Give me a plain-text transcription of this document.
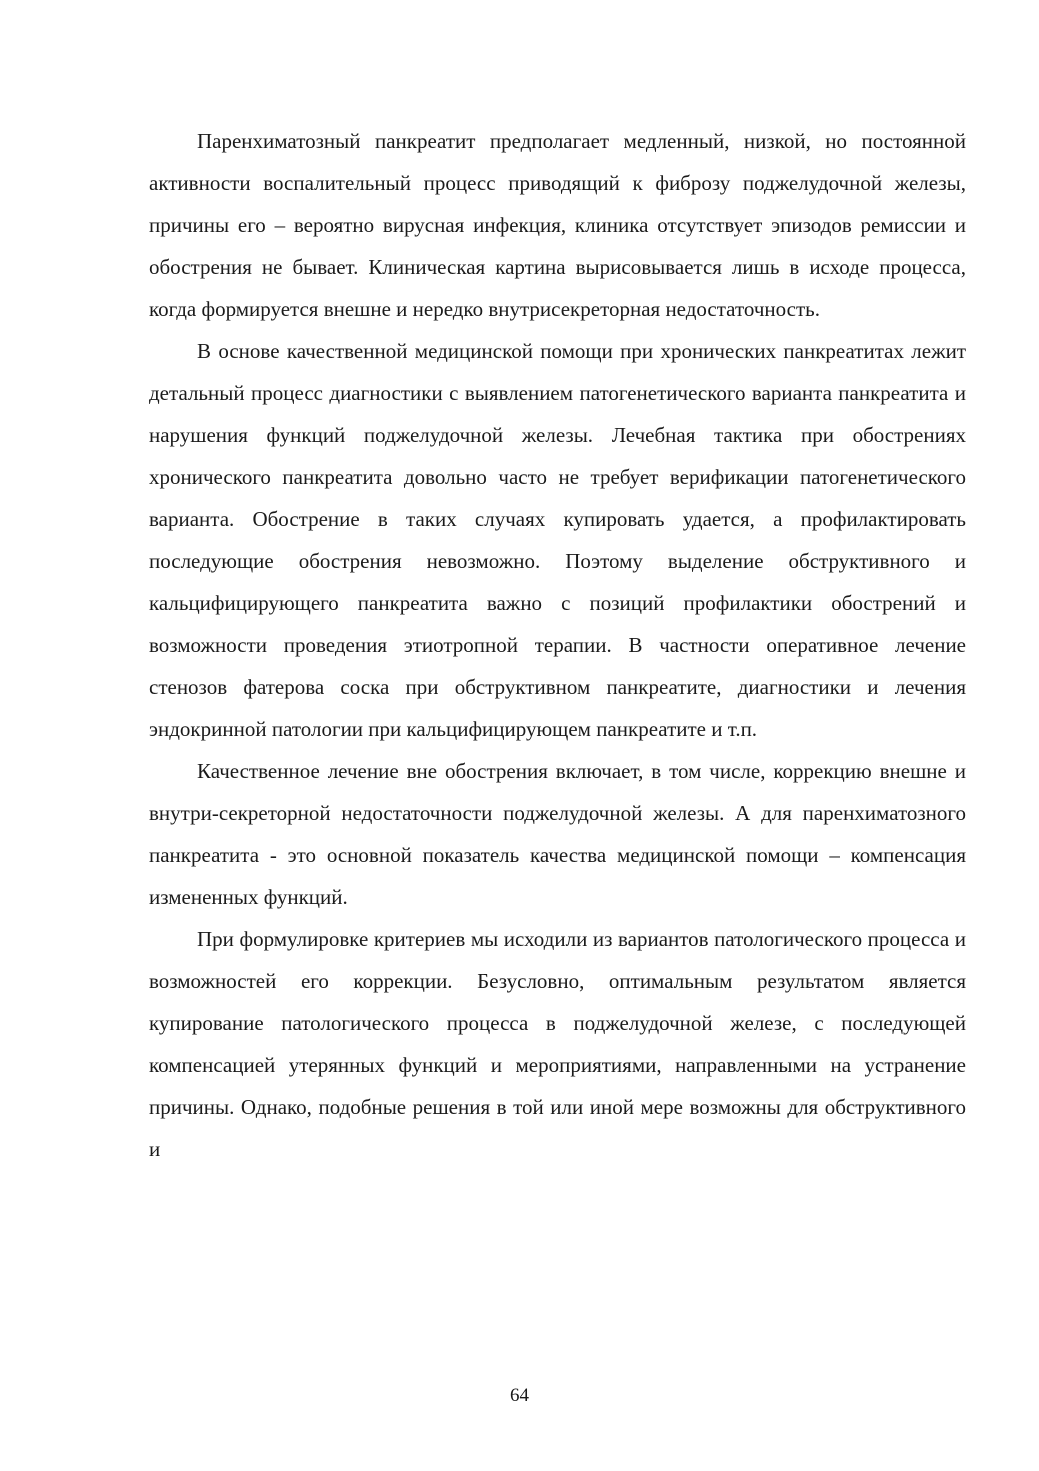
Паренхиматозный панкреатит предполагает медленный, низкой, но постоянной активности воспалительный процесс приводящий к фиброзу поджелудочной железы, причины его – вероятно вирусная инфекция, клиника отсутствует эпизодов ремиссии и обострения не бывает. Клиническая картина вырисовывается лишь в исходе процесса, когда формируется внешне и нередко внутрисекреторная недостаточность.

В основе качественной медицинской помощи при хронических панкреатитах лежит детальный процесс диагностики с выявлением патогенетического варианта панкреатита и нарушения функций поджелудочной железы. Лечебная тактика при обострениях хронического панкреатита довольно часто не требует верификации патогенетического варианта. Обострение в таких случаях купировать удается, а профилактировать последующие обострения невозможно. Поэтому выделение обструктивного и кальцифицирующего панкреатита важно с позиций профилактики обострений и возможности проведения этиотропной терапии. В частности оперативное лечение стенозов фатерова соска при обструктивном панкреатите, диагностики и лечения эндокринной патологии при кальцифицирующем панкреатите и т.п.

Качественное лечение вне обострения включает, в том числе, коррекцию внешне и внутри-секреторной недостаточности поджелудочной железы. А для паренхиматозного панкреатита - это основной показатель качества медицинской помощи – компенсация измененных функций.

При формулировке критериев мы исходили из вариантов патологического процесса и возможностей его коррекции. Безусловно, оптимальным результатом является купирование патологического процесса в поджелудочной железе, с последующей компенсацией утерянных функций и мероприятиями, направленными на устранение причины. Однако, подобные решения в той или иной мере возможны для обструктивного и

64
